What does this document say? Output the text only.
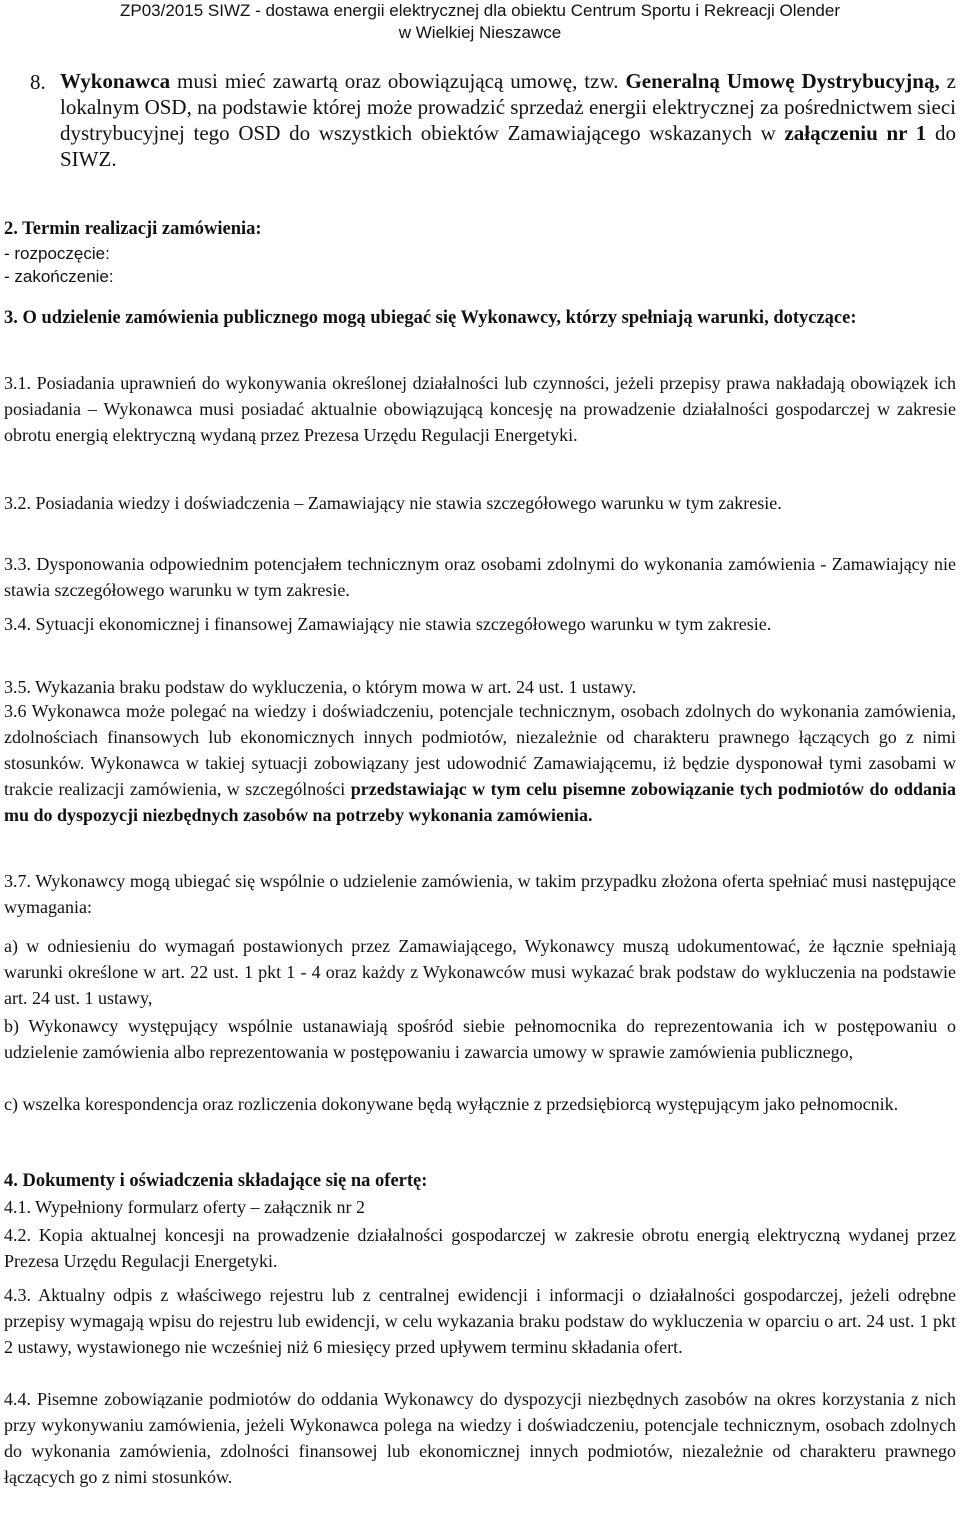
ZP03/2015 SIWZ - dostawa energii elektrycznej dla obiektu Centrum Sportu i Rekreacji Olender
w Wielkiej Nieszawce
8. Wykonawca musi mieć zawartą oraz obowiązującą umowę, tzw. Generalną Umowę Dystrybucyjną, z lokalnym OSD, na podstawie której może prowadzić sprzedaż energii elektrycznej za pośrednictwem sieci dystrybucyjnej tego OSD do wszystkich obiektów Zamawiającego wskazanych w załączeniu nr 1 do SIWZ.
2. Termin realizacji zamówienia:
- rozpoczęcie:
- zakończenie:
3. O udzielenie zamówienia publicznego mogą ubiegać się Wykonawcy, którzy spełniają warunki, dotyczące:
3.1. Posiadania uprawnień do wykonywania określonej działalności lub czynności, jeżeli przepisy prawa nakładają obowiązek ich posiadania – Wykonawca musi posiadać aktualnie obowiązującą koncesję na prowadzenie działalności gospodarczej w zakresie obrotu energią elektryczną wydaną przez Prezesa Urzędu Regulacji Energetyki.
3.2. Posiadania wiedzy i doświadczenia – Zamawiający nie stawia szczegółowego warunku w tym zakresie.
3.3. Dysponowania odpowiednim potencjałem technicznym oraz osobami zdolnymi do wykonania zamówienia - Zamawiający nie stawia szczegółowego warunku w tym zakresie.
3.4. Sytuacji ekonomicznej i finansowej Zamawiający nie stawia szczegółowego warunku w tym zakresie.
3.5. Wykazania braku podstaw do wykluczenia, o którym mowa w art. 24 ust. 1 ustawy.
3.6 Wykonawca może polegać na wiedzy i doświadczeniu, potencjale technicznym, osobach zdolnych do wykonania zamówienia, zdolnościach finansowych lub ekonomicznych innych podmiotów, niezależnie od charakteru prawnego łączących go z nimi stosunków. Wykonawca w takiej sytuacji zobowiązany jest udowodnić Zamawiającemu, iż będzie dysponował tymi zasobami w trakcie realizacji zamówienia, w szczególności przedstawiając w tym celu pisemne zobowiązanie tych podmiotów do oddania mu do dyspozycji niezbędnych zasobów na potrzeby wykonania zamówienia.
3.7. Wykonawcy mogą ubiegać się wspólnie o udzielenie zamówienia, w takim przypadku złożona oferta spełniać musi następujące wymagania:
a) w odniesieniu do wymagań postawionych przez Zamawiającego, Wykonawcy muszą udokumentować, że łącznie spełniają warunki określone w art. 22 ust. 1 pkt 1 - 4 oraz każdy z Wykonawców musi wykazać brak podstaw do wykluczenia na podstawie art. 24 ust. 1 ustawy,
b) Wykonawcy występujący wspólnie ustanawiają spośród siebie pełnomocnika do reprezentowania ich w postępowaniu o udzielenie zamówienia albo reprezentowania w postępowaniu i zawarcia umowy w sprawie zamówienia publicznego,
c) wszelka korespondencja oraz rozliczenia dokonywane będą wyłącznie z przedsiębiorcą występującym jako pełnomocnik.
4. Dokumenty i oświadczenia składające się na ofertę:
4.1. Wypełniony formularz oferty – załącznik nr 2
4.2. Kopia aktualnej koncesji na prowadzenie działalności gospodarczej w zakresie obrotu energią elektryczną wydanej przez Prezesa Urzędu Regulacji Energetyki.
4.3. Aktualny odpis z właściwego rejestru lub z centralnej ewidencji i informacji o działalności gospodarczej, jeżeli odrębne przepisy wymagają wpisu do rejestru lub ewidencji, w celu wykazania braku podstaw do wykluczenia w oparciu o art. 24 ust. 1 pkt 2 ustawy, wystawionego nie wcześniej niż 6 miesięcy przed upływem terminu składania ofert.
4.4. Pisemne zobowiązanie podmiotów do oddania Wykonawcy do dyspozycji niezbędnych zasobów na okres korzystania z nich przy wykonywaniu zamówienia, jeżeli Wykonawca polega na wiedzy i doświadczeniu, potencjale technicznym, osobach zdolnych do wykonania zamówienia, zdolności finansowej lub ekonomicznej innych podmiotów, niezależnie od charakteru prawnego łączących go z nimi stosunków.
